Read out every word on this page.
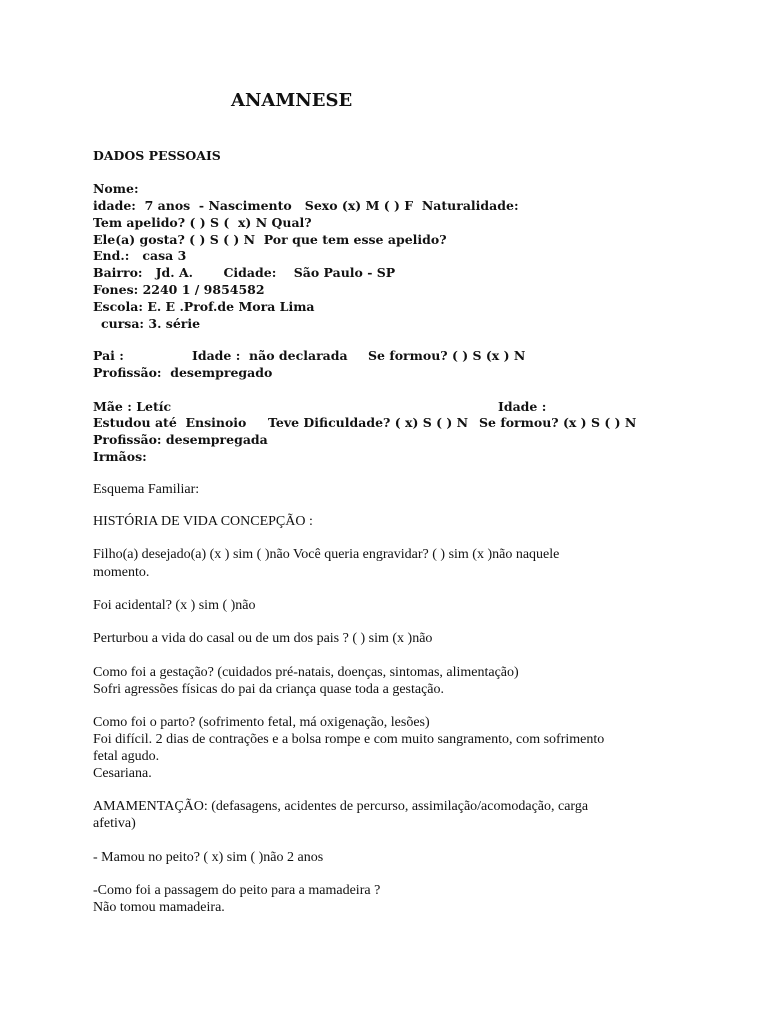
ANAMNESE
DADOS PESSOAIS
Nome:
idade:  7 anos  - Nascimento   Sexo (x) M ( ) F  Naturalidade:
Tem apelido? ( ) S (  x) N Qual?
Ele(a) gosta? ( ) S ( ) N  Por que tem esse apelido?
End.:   casa 3
Bairro:   Jd. A.       Cidade:    São Paulo - SP
Fones: 2240 1 / 9854582
Escola: E. E .Prof.de Mora Lima
cursa: 3. série
Pai :	Idade :  não declarada Se formou? ( ) S (x ) N
Profissão:  desempregado
Mãe : Letíc	Idade :
Estudou até  Ensinoio Teve Dificuldade? ( x) S ( ) N Se formou? (x ) S ( ) N
Profissão: desempregada
Irmãos:
Esquema Familiar:
HISTÓRIA DE VIDA CONCEPÇÃO :
Filho(a) desejado(a) (x ) sim ( )não Você queria engravidar? ( ) sim (x )não naquele
momento.
Foi acidental? (x ) sim ( )não
Perturbou a vida do casal ou de um dos pais ? ( ) sim (x )não
Como foi a gestação? (cuidados pré-natais, doenças, sintomas, alimentação)
Sofri agressões físicas do pai da criança quase toda a gestação.
Como foi o parto? (sofrimento fetal, má oxigenação, lesões)
Foi difícil. 2 dias de contrações e a bolsa rompe e com muito sangramento, com sofrimento
fetal agudo.
Cesariana.
AMAMENTAÇÃO: (defasagens, acidentes de percurso, assimilação/acomodação, carga
afetiva)
- Mamou no peito? ( x) sim ( )não 2 anos
-Como foi a passagem do peito para a mamadeira ?
Não tomou mamadeira.
